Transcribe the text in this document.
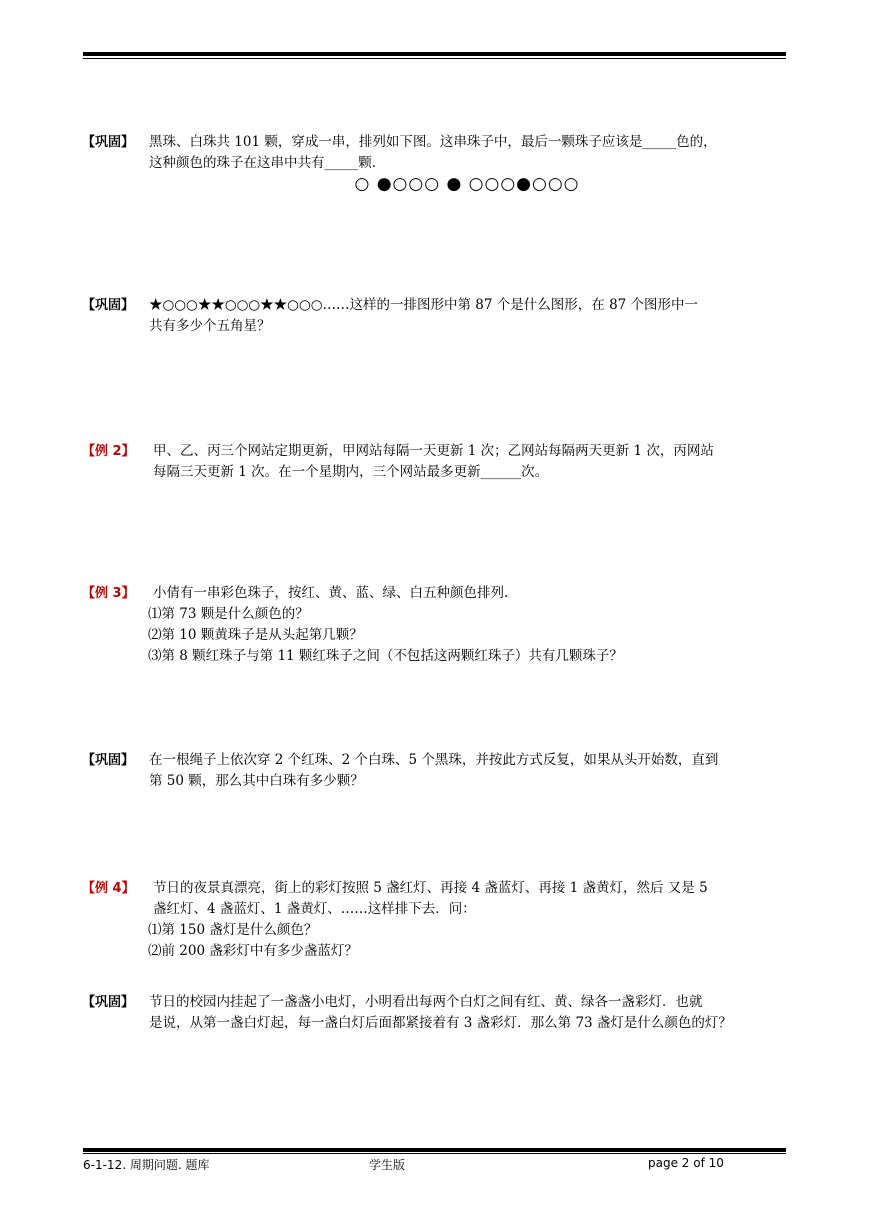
【巩固】 黑珠、白珠共 101 颗，穿成一串，排列如下图。这串珠子中，最后一颗珠子应该是_____色的，
这种颜色的珠子在这串中共有_____颗.
○ ●○○○ ● ○○○●○○○
【巩固】 ★○○○★★○○○★★○○○……这样的一排图形中第 87 个是什么图形，在 87 个图形中一
共有多少个五角星？
【例 2】 甲、乙、丙三个网站定期更新，甲网站每隔一天更新 1 次；乙网站每隔两天更新 1 次，丙网站
每隔三天更新 1 次。在一个星期内，三个网站最多更新______次。
【例 3】 小倩有一串彩色珠子，按红、黄、蓝、绿、白五种颜色排列.
⑴第 73 颗是什么颜色的？
⑵第 10 颗黄珠子是从头起第几颗？
⑶第 8 颗红珠子与第 11 颗红珠子之间（不包括这两颗红珠子）共有几颗珠子？
【巩固】 在一根绳子上依次穿 2 个红珠、2 个白珠、5 个黑珠，并按此方式反复，如果从头开始数，直到
第 50 颗，那么其中白珠有多少颗？
【例 4】 节日的夜景真漂亮，街上的彩灯按照 5 盏红灯、再接 4 盏蓝灯、再接 1 盏黄灯，然后 又是 5
盏红灯、4 盏蓝灯、1 盏黄灯、……这样排下去．问：
⑴第 150 盏灯是什么颜色？
⑵前 200 盏彩灯中有多少盏蓝灯？
【巩固】 节日的校园内挂起了一盏盏小电灯，小明看出每两个白灯之间有红、黄、绿各一盏彩灯．也就
是说，从第一盏白灯起，每一盏白灯后面都紧接着有 3 盏彩灯．那么第 73 盏灯是什么颜色的灯？
6-1-12. 周期问题. 题库	学生版	page 2 of 10
